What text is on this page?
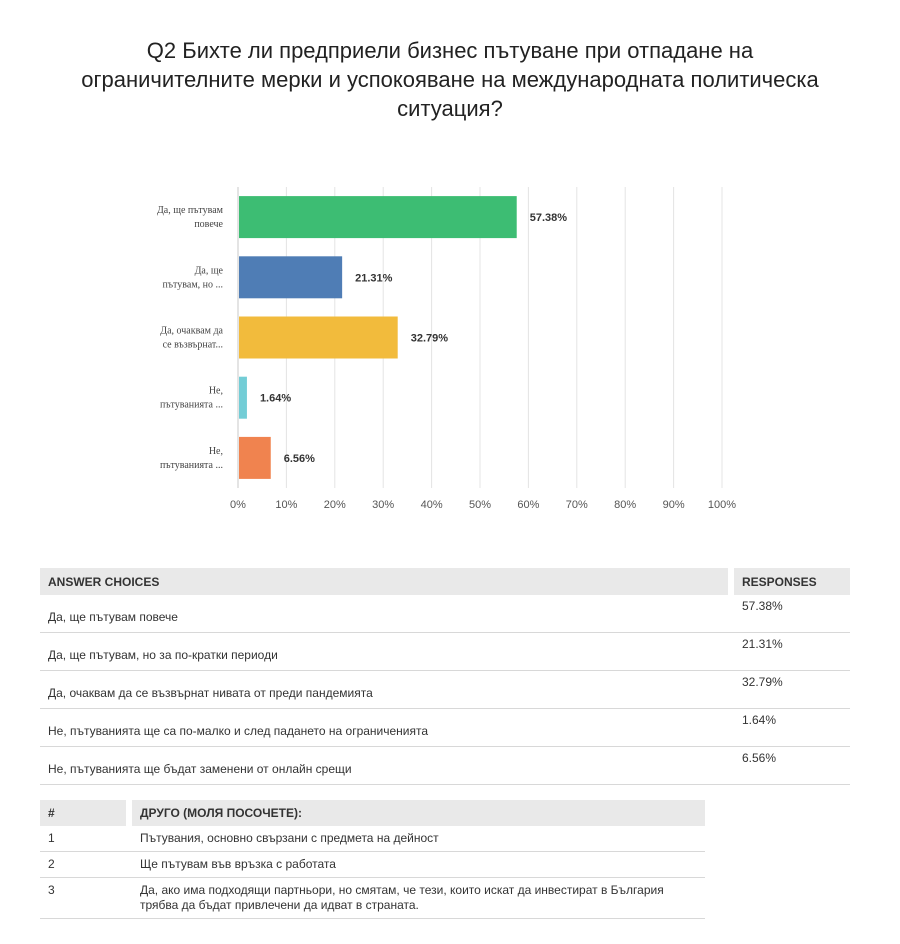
Q2 Бихте ли предприели бизнес пътуване при отпадане на ограничителните мерки и успокояване на международната политическа ситуация?
57.38%
Да, ще пътувам повече
21.31%
Да, ще пътувам, но ...
32.79%
Да, очаквам да се възвърнат...
1.64%
Не, пътуванията ...
6.56%
Не, пътуванията ...
0%	10% 20% 30% 40% 50% 60% 70% 80% 90% 100%
ANSWER CHOICES		RESPONSES
Да, ще пътувам повече		57.38%
Да, ще пътувам, но за по-кратки периоди		21.31%
Да, очаквам да се възвърнат нивата от преди пандемията		32.79%
Не, пътуванията ще са по-малко и след падането на ограниченията		1.64%
Не, пътуванията ще бъдат заменени от онлайн срещи		6.56%
#		ДРУГО (МОЛЯ ПОСОЧЕТЕ):
1		Пътувания, основно свързани с предмета на дейност
2		Ще пътувам във връзка с работата
3		Да, ако има подходящи партньори, но смятам, че тези, които искат да инвестират в България трябва да бъдат привлечени да идват в страната.
